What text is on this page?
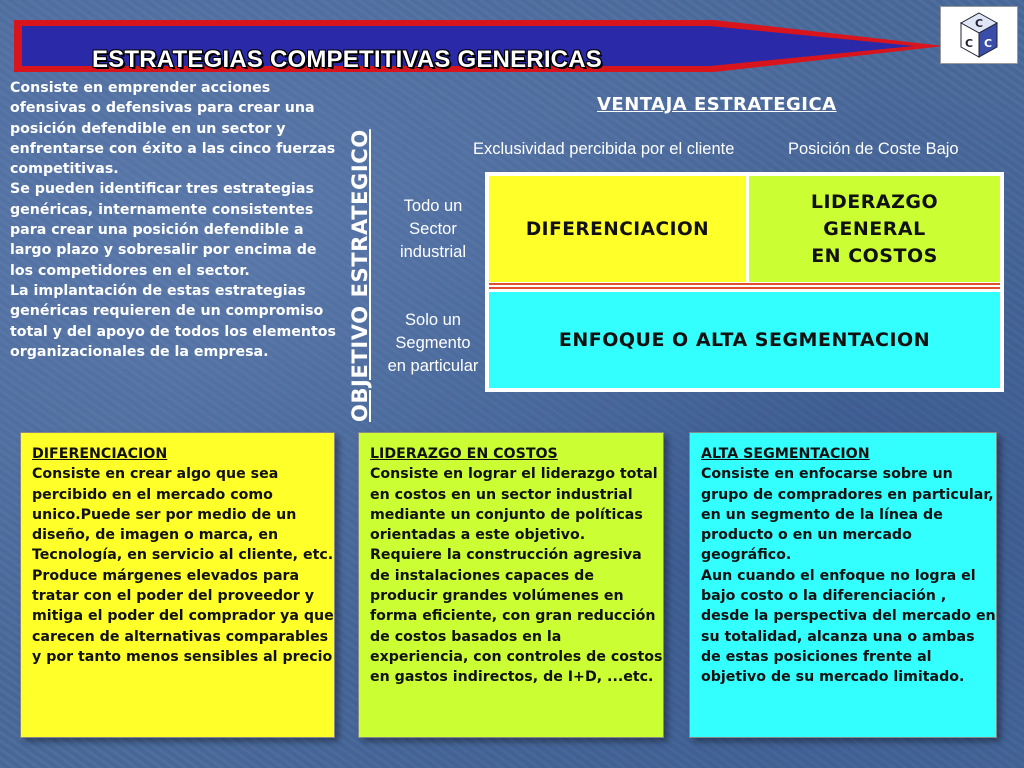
ESTRATEGIAS COMPETITIVAS GENERICAS
C
C C

Consiste en emprender acciones ofensivas o defensivas para crear una posición defendible en un sector y enfrentarse con éxito a las cinco fuerzas competitivas.

Se pueden identificar tres estrategias genéricas, internamente consistentes para crear una posición defendible a largo plazo y sobresalir por encima de los competidores en el sector.

La implantación de estas estrategias genéricas requieren de un compromiso total y del apoyo de todos los elementos organizacionales de la empresa.	OBJETIVO ESTRATEGICO
VENTAJA ESTRATEGICA
Exclusividad percibida por el cliente	Posición de Coste Bajo
Todo un
Sector
industrial
Solo un
Segmento
en particular
DIFERENCIACION
LIDERAZGO
GENERAL
EN COSTOS
ENFOQUE O ALTA SEGMENTACION
DIFERENCIACION

Consiste en crear algo que sea percibido en el mercado como unico.Puede ser por medio de un diseño, de imagen o marca, en Tecnología, en servicio al cliente, etc.

Produce márgenes elevados para tratar con el poder del proveedor y mitiga el poder del comprador ya que carecen de alternativas comparables y por tanto menos sensibles al precio

LIDERAZGO EN COSTOS

Consiste en lograr el liderazgo total en costos en un sector industrial mediante un conjunto de políticas orientadas a este objetivo.

Requiere la construcción agresiva de instalaciones capaces de producir grandes volúmenes en forma eficiente, con gran reducción de costos basados en la experiencia, con controles de costos en gastos indirectos, de I+D, ...etc.

ALTA SEGMENTACION

Consiste en enfocarse sobre un grupo de compradores en particular, en un segmento de la línea de producto o en un mercado geográfico.

Aun cuando el enfoque no logra el bajo costo o la diferenciación , desde la perspectiva del mercado en su totalidad, alcanza una o ambas de estas posiciones frente al objetivo de su mercado limitado.
